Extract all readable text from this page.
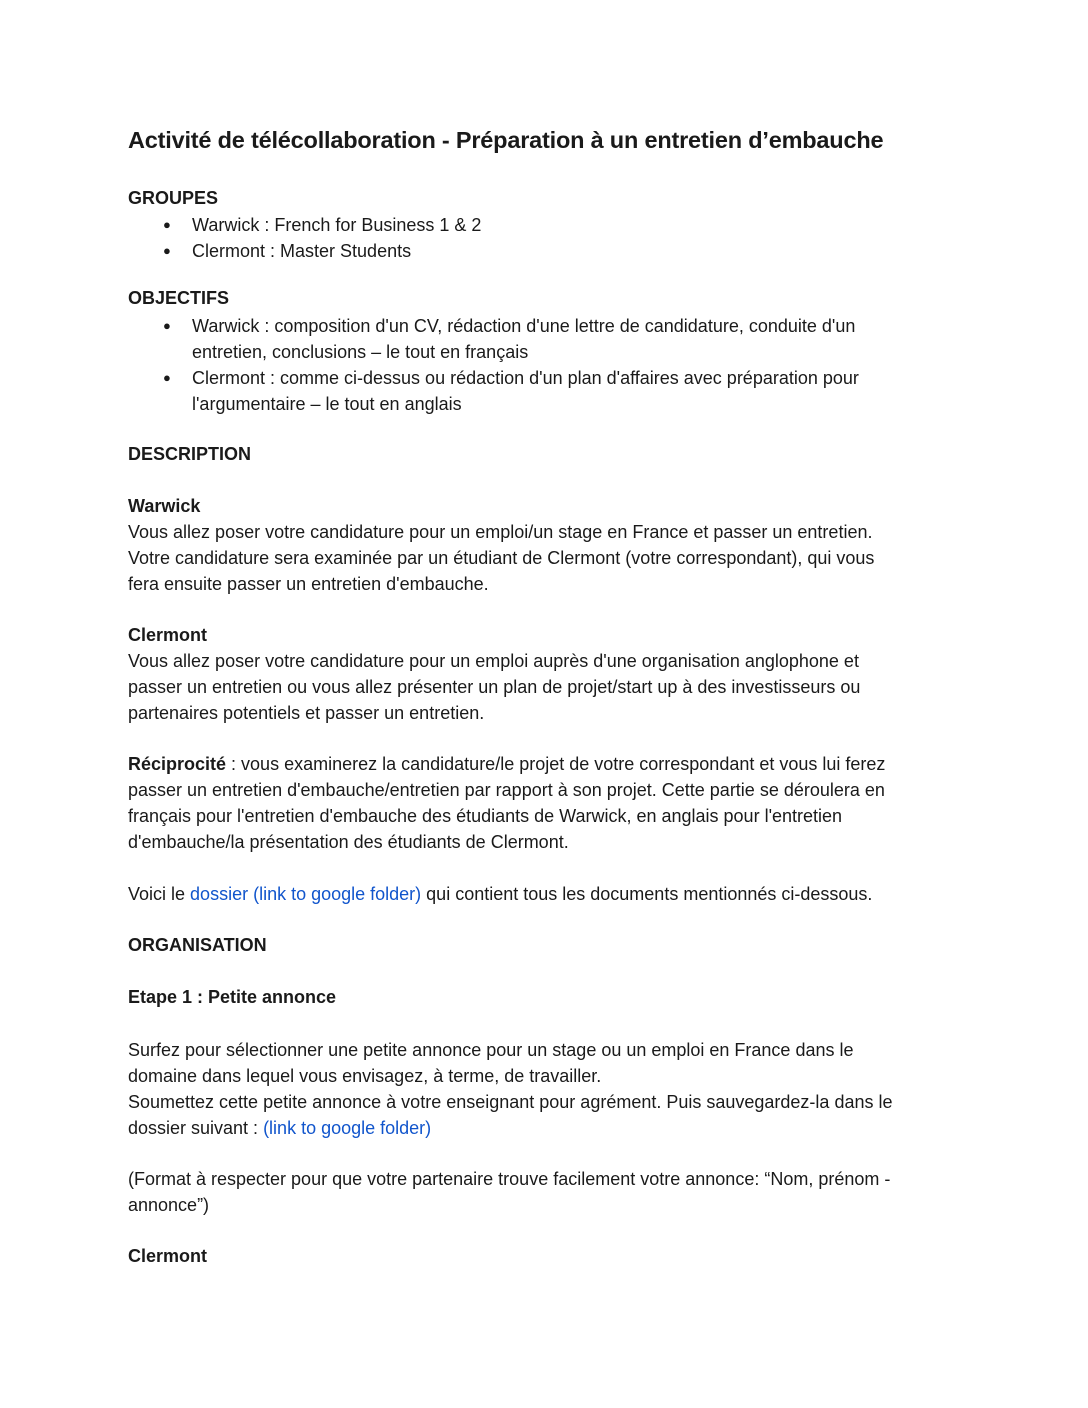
Activité de télécollaboration - Préparation à un entretien d’embauche
GROUPES
● Warwick : French for Business 1 & 2
● Clermont : Master Students
OBJECTIFS
● Warwick : composition d'un CV, rédaction d'une lettre de candidature, conduite d'un
entretien, conclusions – le tout en français
● Clermont : comme ci-dessus ou rédaction d'un plan d'affaires avec préparation pour
l'argumentaire – le tout en anglais
DESCRIPTION
Warwick
Vous allez poser votre candidature pour un emploi/un stage en France et passer un entretien.
Votre candidature sera examinée par un étudiant de Clermont (votre correspondant), qui vous
fera ensuite passer un entretien d'embauche.
Clermont
Vous allez poser votre candidature pour un emploi auprès d'une organisation anglophone et
passer un entretien ou vous allez présenter un plan de projet/start up à des investisseurs ou
partenaires potentiels et passer un entretien.
Réciprocité : vous examinerez la candidature/le projet de votre correspondant et vous lui ferez
passer un entretien d'embauche/entretien par rapport à son projet. Cette partie se déroulera en
français pour l'entretien d'embauche des étudiants de Warwick, en anglais pour l'entretien
d'embauche/la présentation des étudiants de Clermont.
Voici le dossier (link to google folder) qui contient tous les documents mentionnés ci-dessous.
ORGANISATION
Etape 1 : Petite annonce
Surfez pour sélectionner une petite annonce pour un stage ou un emploi en France dans le
domaine dans lequel vous envisagez, à terme, de travailler.
Soumettez cette petite annonce à votre enseignant pour agrément. Puis sauvegardez-la dans le
dossier suivant : (link to google folder)
(Format à respecter pour que votre partenaire trouve facilement votre annonce: “Nom, prénom -
annonce”)
Clermont
